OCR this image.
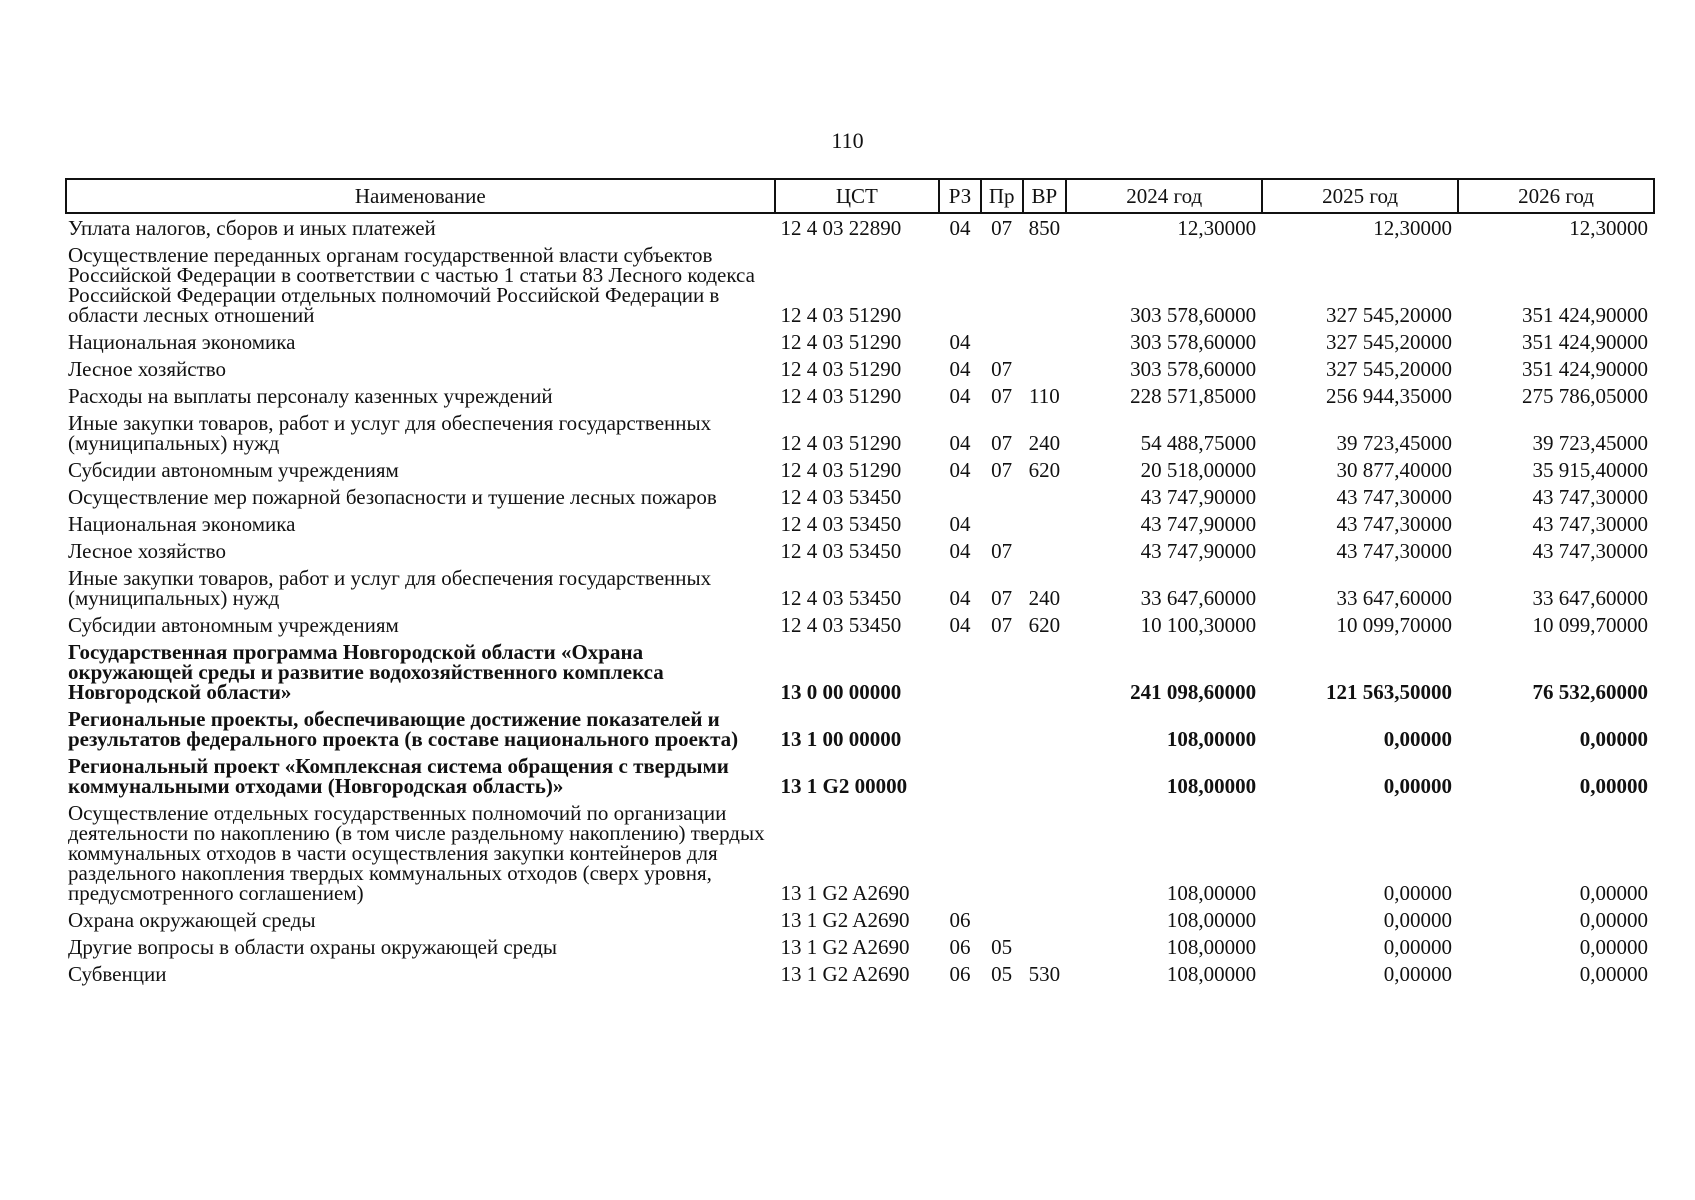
110
Наименование	ЦСТ	РЗ	Пр	ВР	2024 год	2025 год	2026 год
Уплата налогов, сборов и иных платежей	12 4 03 22890	04	07	850	12,30000	12,30000	12,30000
Осуществление переданных органам государственной власти субъектов Российской Федерации в соответствии с частью 1 статьи 83 Лесного кодекса Российской Федерации отдельных полномочий Российской Федерации в области лесных отношений	12 4 03 51290				303 578,60000	327 545,20000	351 424,90000
Национальная экономика	12 4 03 51290	04			303 578,60000	327 545,20000	351 424,90000
Лесное хозяйство	12 4 03 51290	04	07		303 578,60000	327 545,20000	351 424,90000
Расходы на выплаты персоналу казенных учреждений	12 4 03 51290	04	07	110	228 571,85000	256 944,35000	275 786,05000
Иные закупки товаров, работ и услуг для обеспечения государственных (муниципальных) нужд	12 4 03 51290	04	07	240	54 488,75000	39 723,45000	39 723,45000
Субсидии автономным учреждениям	12 4 03 51290	04	07	620	20 518,00000	30 877,40000	35 915,40000
Осуществление мер пожарной безопасности и тушение лесных пожаров	12 4 03 53450				43 747,90000	43 747,30000	43 747,30000
Национальная экономика	12 4 03 53450	04			43 747,90000	43 747,30000	43 747,30000
Лесное хозяйство	12 4 03 53450	04	07		43 747,90000	43 747,30000	43 747,30000
Иные закупки товаров, работ и услуг для обеспечения государственных (муниципальных) нужд	12 4 03 53450	04	07	240	33 647,60000	33 647,60000	33 647,60000
Субсидии автономным учреждениям	12 4 03 53450	04	07	620	10 100,30000	10 099,70000	10 099,70000
Государственная программа Новгородской области «Охрана окружающей среды и развитие водохозяйственного комплекса Новгородской области»	13 0 00 00000				241 098,60000	121 563,50000	76 532,60000
Региональные проекты, обеспечивающие достижение показателей и результатов федерального проекта (в составе национального проекта)	13 1 00 00000				108,00000	0,00000	0,00000
Региональный проект «Комплексная система обращения с твердыми коммунальными отходами (Новгородская область)»	13 1 G2 00000				108,00000	0,00000	0,00000
Осуществление отдельных государственных полномочий по организации деятельности по накоплению (в том числе раздельному накоплению) твердых коммунальных отходов в части осуществления закупки контейнеров для раздельного накопления твердых коммунальных отходов (сверх уровня, предусмотренного соглашением)	13 1 G2 A2690				108,00000	0,00000	0,00000
Охрана окружающей среды	13 1 G2 A2690	06			108,00000	0,00000	0,00000
Другие вопросы в области охраны окружающей среды	13 1 G2 A2690	06	05		108,00000	0,00000	0,00000
Субвенции	13 1 G2 A2690	06	05	530	108,00000	0,00000	0,00000
